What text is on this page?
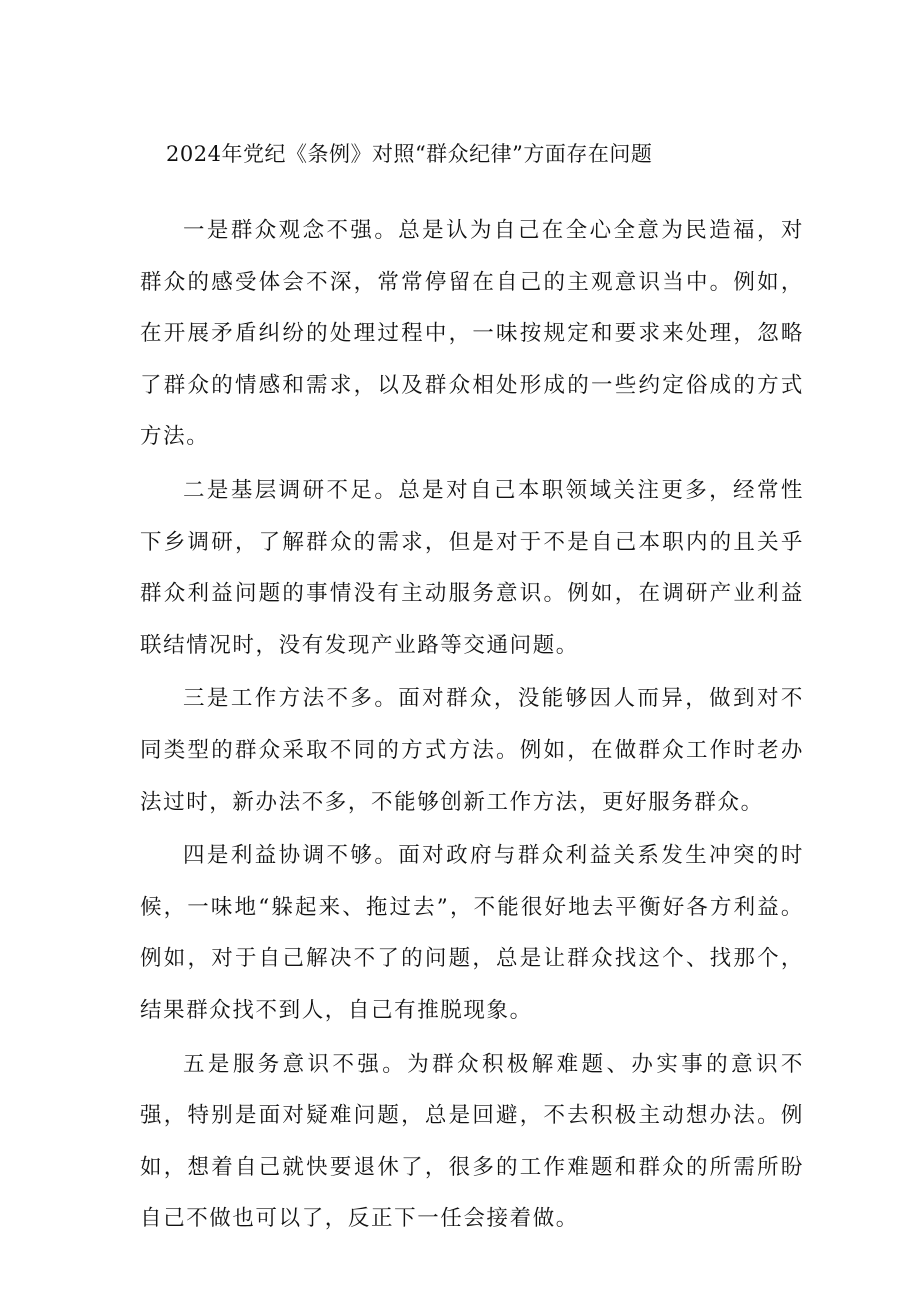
2024年党纪《条例》对照“群众纪律”方面存在问题

一是群众观念不强。总是认为自己在全心全意为民造福，对群众的感受体会不深，常常停留在自己的主观意识当中。例如，在开展矛盾纠纷的处理过程中，一味按规定和要求来处理，忽略了群众的情感和需求，以及群众相处形成的一些约定俗成的方式方法。

二是基层调研不足。总是对自己本职领域关注更多，经常性下乡调研，了解群众的需求，但是对于不是自己本职内的且关乎群众利益问题的事情没有主动服务意识。例如，在调研产业利益联结情况时，没有发现产业路等交通问题。

三是工作方法不多。面对群众，没能够因人而异，做到对不同类型的群众采取不同的方式方法。例如，在做群众工作时老办法过时，新办法不多，不能够创新工作方法，更好服务群众。

四是利益协调不够。面对政府与群众利益关系发生冲突的时候，一味地“躲起来、拖过去”，不能很好地去平衡好各方利益。例如，对于自己解决不了的问题，总是让群众找这个、找那个，结果群众找不到人，自己有推脱现象。

五是服务意识不强。为群众积极解难题、办实事的意识不强，特别是面对疑难问题，总是回避，不去积极主动想办法。例如，想着自己就快要退休了，很多的工作难题和群众的所需所盼自己不做也可以了，反正下一任会接着做。
